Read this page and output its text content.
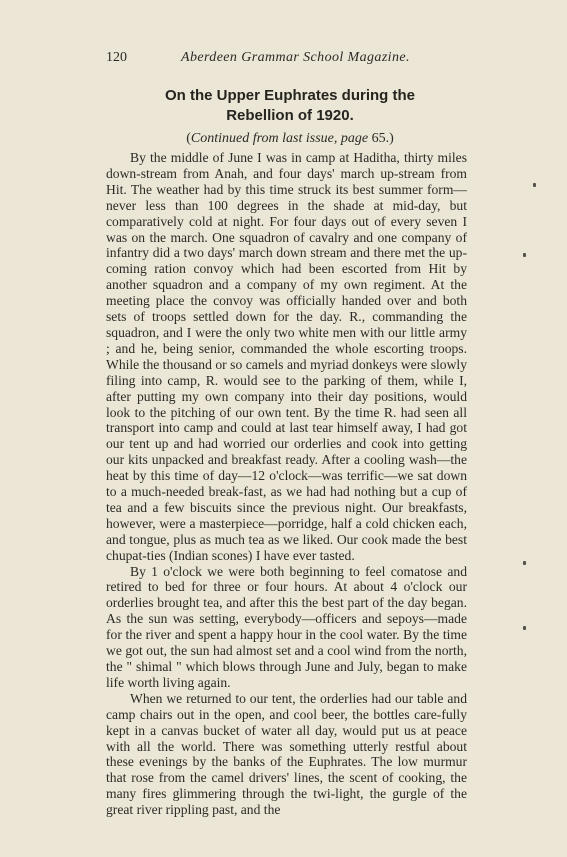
120	Aberdeen Grammar School Magazine.
On the Upper Euphrates during the
Rebellion of 1920.
(Continued from last issue, page 65.)

By the middle of June I was in camp at Haditha, thirty miles down-stream from Anah, and four days' march up-stream from Hit. The weather had by this time struck its best summer form—never less than 100 degrees in the shade at mid-day, but comparatively cold at night. For four days out of every seven I was on the march. One squadron of cavalry and one company of infantry did a two days' march down stream and there met the up-coming ration convoy which had been escorted from Hit by another squadron and a company of my own regiment. At the meeting place the convoy was officially handed over and both sets of troops settled down for the day. R., commanding the squadron, and I were the only two white men with our little army ; and he, being senior, commanded the whole escorting troops. While the thousand or so camels and myriad donkeys were slowly filing into camp, R. would see to the parking of them, while I, after putting my own company into their day positions, would look to the pitching of our own tent. By the time R. had seen all transport into camp and could at last tear himself away, I had got our tent up and had worried our orderlies and cook into getting our kits unpacked and breakfast ready. After a cooling wash—the heat by this time of day—12 o'clock—was terrific—we sat down to a much-needed break-fast, as we had had nothing but a cup of tea and a few biscuits since the previous night. Our breakfasts, however, were a masterpiece—porridge, half a cold chicken each, and tongue, plus as much tea as we liked. Our cook made the best chupat-ties (Indian scones) I have ever tasted.

By 1 o'clock we were both beginning to feel comatose and retired to bed for three or four hours. At about 4 o'clock our orderlies brought tea, and after this the best part of the day began. As the sun was setting, everybody—officers and sepoys—made for the river and spent a happy hour in the cool water. By the time we got out, the sun had almost set and a cool wind from the north, the " shimal " which blows through June and July, began to make life worth living again.

When we returned to our tent, the orderlies had our table and camp chairs out in the open, and cool beer, the bottles care-fully kept in a canvas bucket of water all day, would put us at peace with all the world. There was something utterly restful about these evenings by the banks of the Euphrates. The low murmur that rose from the camel drivers' lines, the scent of cooking, the many fires glimmering through the twi-light, the gurgle of the great river rippling past, and the
